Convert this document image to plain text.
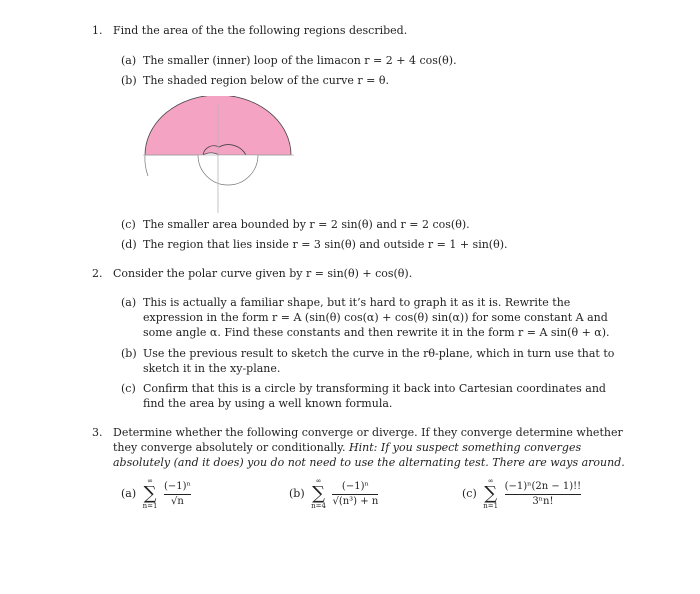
1. Find the area of the the following regions described.
(a) The smaller (inner) loop of the limacon r = 2 + 4 cos(θ).
(b) The shaded region below of the curve r = θ.
(c) The smaller area bounded by r = 2 sin(θ) and r = 2 cos(θ).
(d) The region that lies inside r = 3 sin(θ) and outside r = 1 + sin(θ).
2. Consider the polar curve given by r = sin(θ) + cos(θ).
(a) This is actually a familiar shape, but it’s hard to graph it as it is. Rewrite the
expression in the form r = A (sin(θ) cos(α) + cos(θ) sin(α)) for some constant A and
some angle α. Find these constants and then rewrite it in the form r = A sin(θ + α).
(b) Use the previous result to sketch the curve in the rθ-plane, which in turn use that to
sketch it in the xy-plane.
(c) Confirm that this is a circle by transforming it back into Cartesian coordinates and
find the area by using a well known formula.
3. Determine whether the following converge or diverge. If they converge determine whether
they converge absolutely or conditionally. Hint: If you suspect something converges
absolutely (and it does) you do not need to use the alternating test. There are ways around.
(a)
∞
∑
n=1
$\frac{\text{(−1)ⁿ}}{√n}$	(b)
∞
∑
n=4
$\frac{\text{(−1)ⁿ}}{\text{√(n³) + n}}$	(c)
∞
∑
n=1
$\frac{\text{(−1)ⁿ(2n − 1)!!}}{\text{3ⁿn!}}$
